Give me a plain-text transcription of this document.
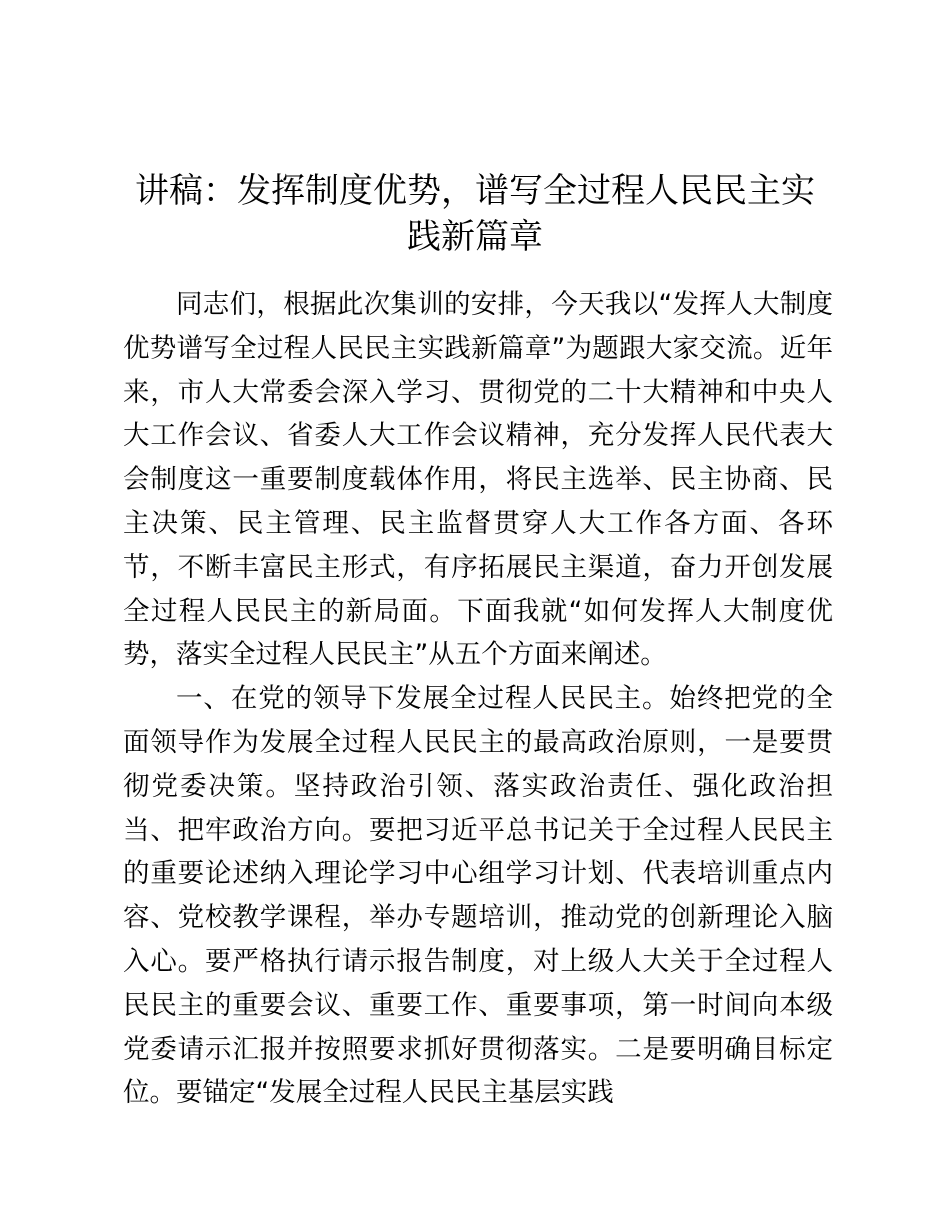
讲稿：发挥制度优势，谱写全过程人民民主实践新篇章

同志们，根据此次集训的安排，今天我以“发挥人大制度优势谱写全过程人民民主实践新篇章”为题跟大家交流。近年来，市人大常委会深入学习、贯彻党的二十大精神和中央人大工作会议、省委人大工作会议精神，充分发挥人民代表大会制度这一重要制度载体作用，将民主选举、民主协商、民主决策、民主管理、民主监督贯穿人大工作各方面、各环节，不断丰富民主形式，有序拓展民主渠道，奋力开创发展全过程人民民主的新局面。下面我就“如何发挥人大制度优势，落实全过程人民民主”从五个方面来阐述。

一、在党的领导下发展全过程人民民主。始终把党的全面领导作为发展全过程人民民主的最高政治原则，一是要贯彻党委决策。坚持政治引领、落实政治责任、强化政治担当、把牢政治方向。要把习近平总书记关于全过程人民民主的重要论述纳入理论学习中心组学习计划、代表培训重点内容、党校教学课程，举办专题培训，推动党的创新理论入脑入心。要严格执行请示报告制度，对上级人大关于全过程人民民主的重要会议、重要工作、重要事项，第一时间向本级党委请示汇报并按照要求抓好贯彻落实。二是要明确目标定位。要锚定“发展全过程人民民主基层实践
